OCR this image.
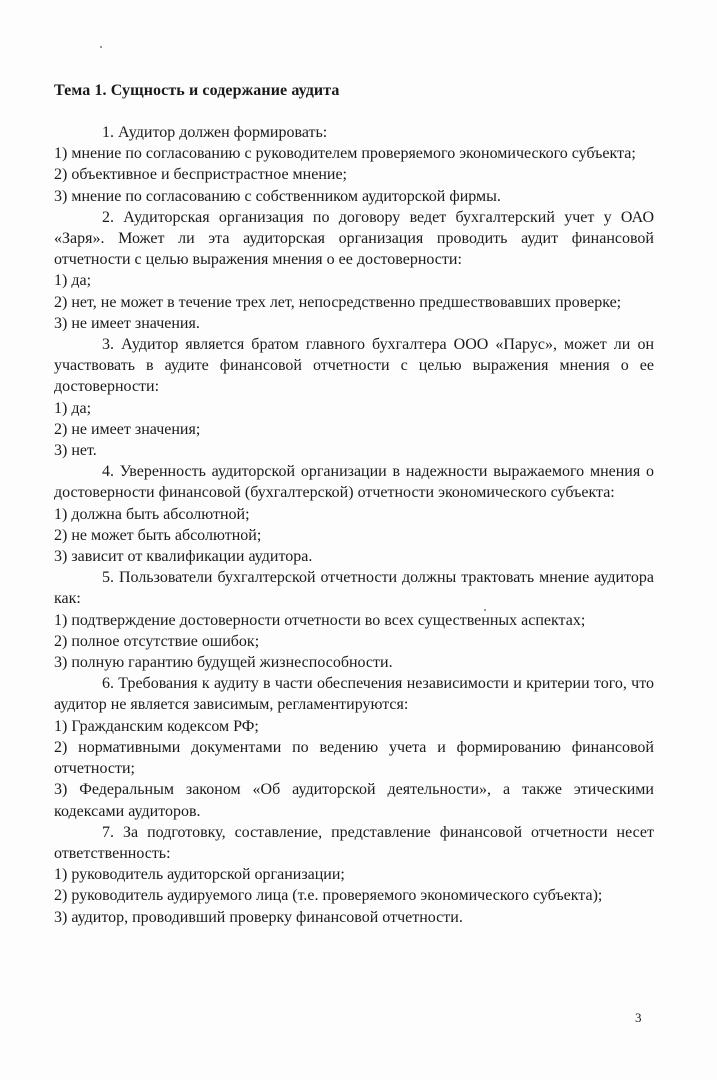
Тема 1. Сущность и содержание аудита

1. Аудитор должен формировать:

1) мнение по согласованию с руководителем проверяемого экономического субъекта;
2) объективное и беспристрастное мнение;
3) мнение по согласованию с собственником аудиторской фирмы.

2. Аудиторская организация по договору ведет бухгалтерский учет у ОАО «Заря». Может ли эта аудиторская организация проводить аудит финансовой отчетности с целью выражения мнения о ее достоверности:

1) да;
2) нет, не может в течение трех лет, непосредственно предшествовавших проверке;
3) не имеет значения.

3. Аудитор является братом главного бухгалтера ООО «Парус», может ли он участвовать в аудите финансовой отчетности с целью выражения мнения о ее достоверности:

1) да;
2) не имеет значения;
3) нет.

4. Уверенность аудиторской организации в надежности выражаемого мнения о достоверности финансовой (бухгалтерской) отчетности экономического субъекта:

1) должна быть абсолютной;
2) не может быть абсолютной;
3) зависит от квалификации аудитора.

5. Пользователи бухгалтерской отчетности должны трактовать мнение аудитора как:

1) подтверждение достоверности отчетности во всех существенных аспектах;
2) полное отсутствие ошибок;
3) полную гарантию будущей жизнеспособности.

6. Требования к аудиту в части обеспечения независимости и критерии того, что аудитор не является зависимым, регламентируются:

1) Гражданским кодексом РФ;
2) нормативными документами по ведению учета и формированию финансовой отчетности;
3) Федеральным законом «Об аудиторской деятельности», а также этическими кодексами аудиторов.

7. За подготовку, составление, представление финансовой отчетности несет ответственность:

1) руководитель аудиторской организации;
2) руководитель аудируемого лица (т.е. проверяемого экономического субъекта);
3) аудитор, проводивший проверку финансовой отчетности.
3
